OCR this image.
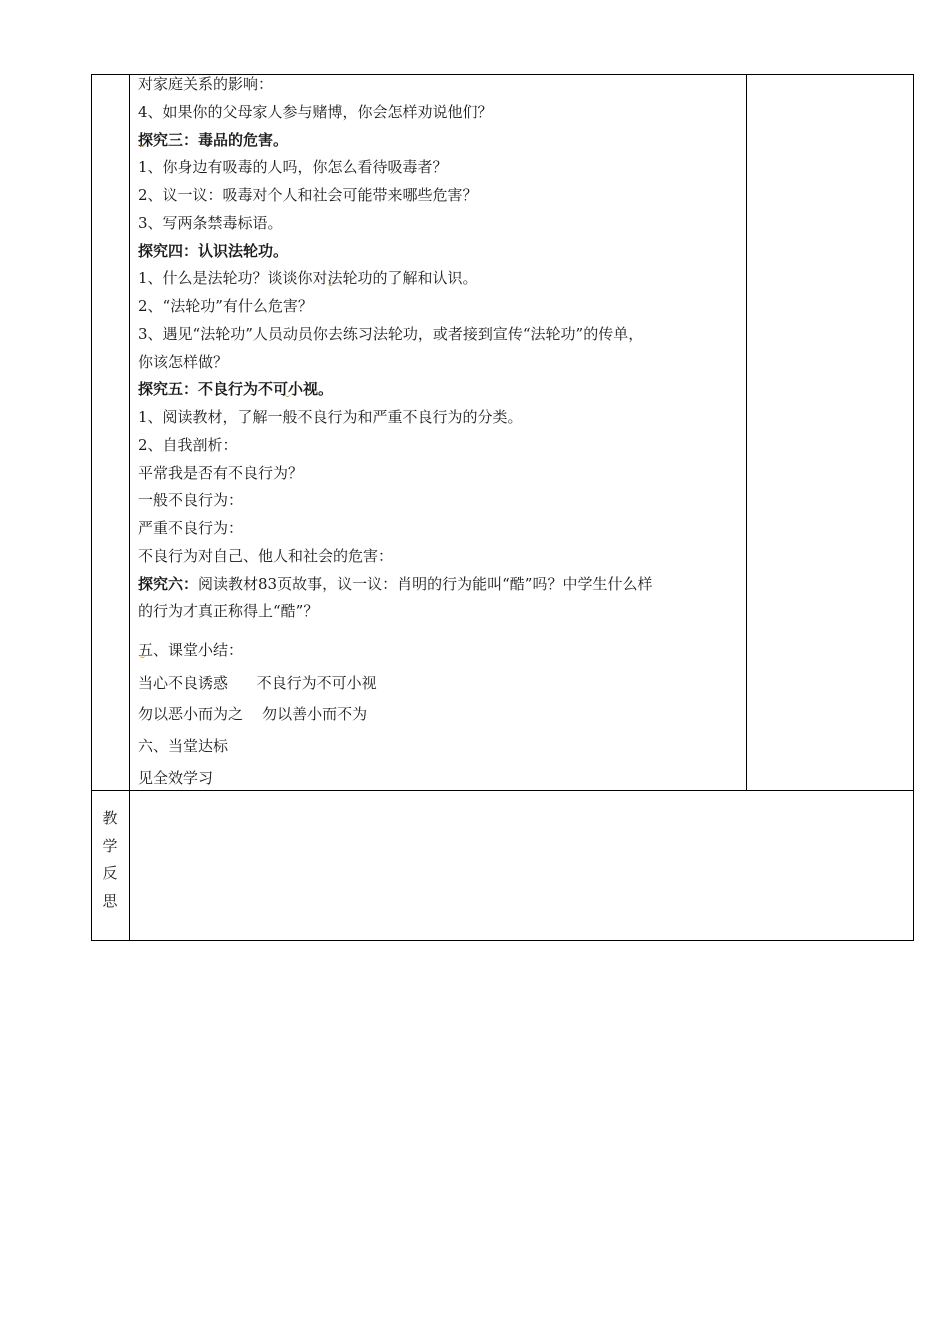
对家庭关系的影响：
4、如果你的父母家人参与赌博，你会怎样劝说他们？
探究三：毒品的危害。
1、你身边有吸毒的人吗，你怎么看待吸毒者？
2、议一议：吸毒对个人和社会可能带来哪些危害？
3、写两条禁毒标语。
探究四：认识法轮功。
1、什么是法轮功？谈谈你对法轮功的了解和认识。
2、“法轮功”有什么危害？
3、遇见“法轮功”人员动员你去练习法轮功，或者接到宣传“法轮功”的传单，
你该怎样做？
探究五：不良行为不可小视。
1、阅读教材，了解一般不良行为和严重不良行为的分类。
2、自我剖析：
平常我是否有不良行为？
一般不良行为：
严重不良行为：
不良行为对自己、他人和社会的危害：
探究六：阅读教材83页故事，议一议：肖明的行为能叫“酷”吗？中学生什么样
的行为才真正称得上“酷”？
五、课堂小结：
当心不良诱惑      不良行为不可小视
勿以恶小而为之    勿以善小而不为
六、当堂达标
见全效学习
教
学
反
思
